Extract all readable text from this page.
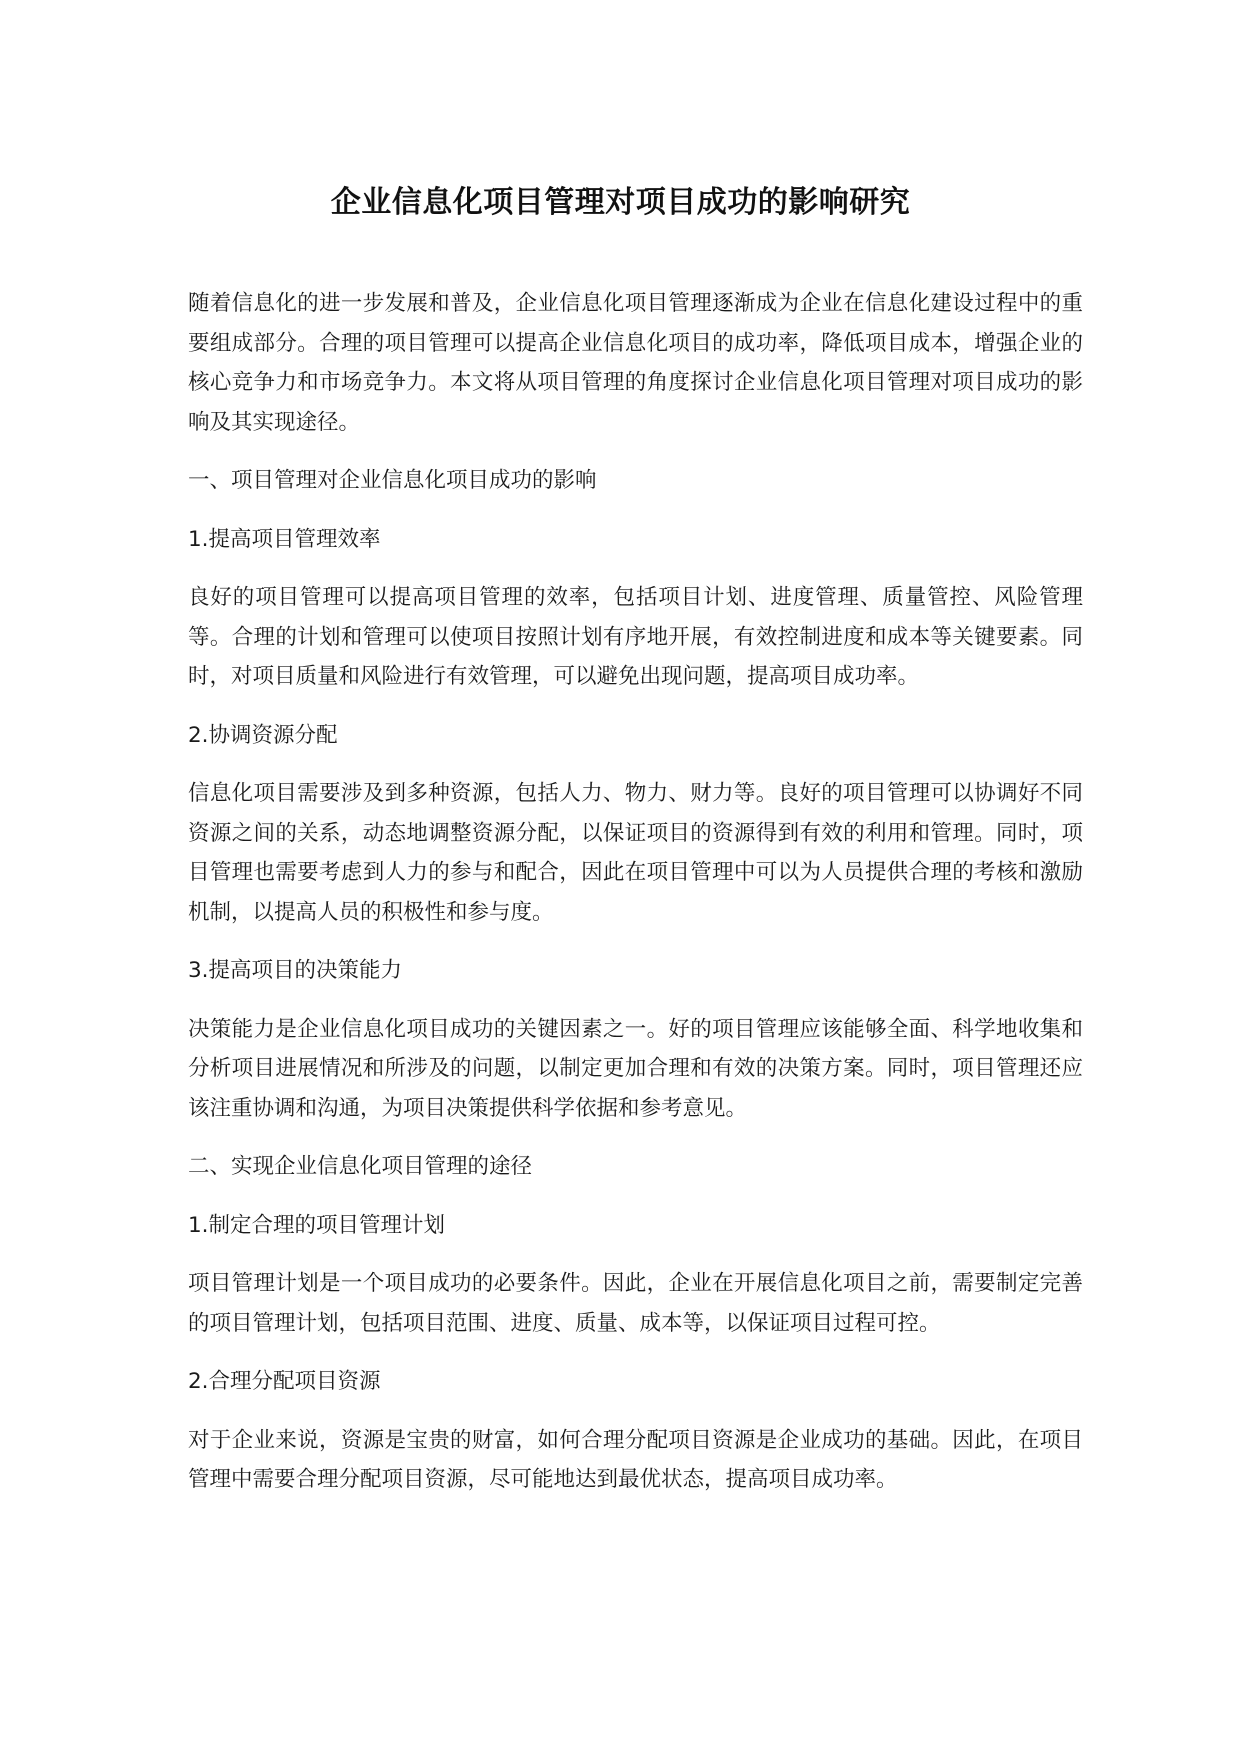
企业信息化项目管理对项目成功的影响研究

随着信息化的进一步发展和普及，企业信息化项目管理逐渐成为企业在信息化建设过程中的重要组成部分。合理的项目管理可以提高企业信息化项目的成功率，降低项目成本，增强企业的核心竞争力和市场竞争力。本文将从项目管理的角度探讨企业信息化项目管理对项目成功的影响及其实现途径。

一、项目管理对企业信息化项目成功的影响
1.提高项目管理效率

良好的项目管理可以提高项目管理的效率，包括项目计划、进度管理、质量管控、风险管理等。合理的计划和管理可以使项目按照计划有序地开展，有效控制进度和成本等关键要素。同时，对项目质量和风险进行有效管理，可以避免出现问题，提高项目成功率。

2.协调资源分配

信息化项目需要涉及到多种资源，包括人力、物力、财力等。良好的项目管理可以协调好不同资源之间的关系，动态地调整资源分配，以保证项目的资源得到有效的利用和管理。同时，项目管理也需要考虑到人力的参与和配合，因此在项目管理中可以为人员提供合理的考核和激励机制，以提高人员的积极性和参与度。

3.提高项目的决策能力

决策能力是企业信息化项目成功的关键因素之一。好的项目管理应该能够全面、科学地收集和分析项目进展情况和所涉及的问题，以制定更加合理和有效的决策方案。同时，项目管理还应该注重协调和沟通，为项目决策提供科学依据和参考意见。

二、实现企业信息化项目管理的途径
1.制定合理的项目管理计划

项目管理计划是一个项目成功的必要条件。因此，企业在开展信息化项目之前，需要制定完善的项目管理计划，包括项目范围、进度、质量、成本等，以保证项目过程可控。

2.合理分配项目资源

对于企业来说，资源是宝贵的财富，如何合理分配项目资源是企业成功的基础。因此，在项目管理中需要合理分配项目资源，尽可能地达到最优状态，提高项目成功率。
